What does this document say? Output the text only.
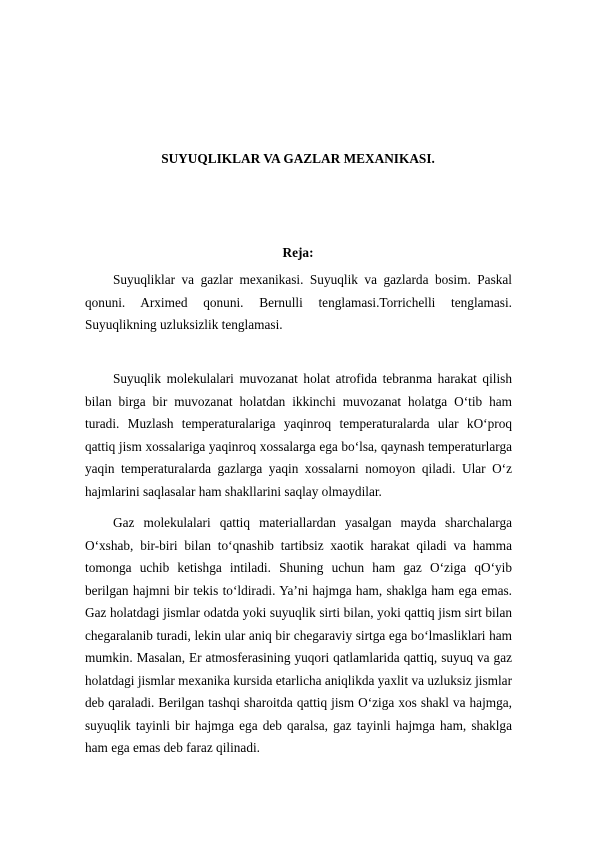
SUYUQLIKLAR VA GAZLAR MEXANIKASI.
Reja:

Suyuqliklar va gazlar mexanikasi. Suyuqlik va gazlarda bosim. Paskal qonuni. Arximed qonuni. Bernulli tenglamasi.Torrichelli tenglamasi. Suyuqlikning uzluksizlik tenglamasi.

Suyuqlik molekulalari muvozanat holat atrofida tebranma harakat qilish bilan birga bir muvozanat holatdan ikkinchi muvozanat holatga O‘tib ham turadi. Muzlash temperaturalariga yaqinroq temperaturalarda ular kO‘proq qattiq jism xossalariga yaqinroq xossalarga ega bo‘lsa, qaynash temperaturlarga yaqin temperaturalarda gazlarga yaqin xossalarni nomoyon qiladi. Ular O‘z hajmlarini saqlasalar ham shakllarini saqlay olmaydilar.

Gaz molekulalari qattiq materiallardan yasalgan mayda sharchalarga O‘xshab, bir-biri bilan to‘qnashib tartibsiz xaotik harakat qiladi va hamma tomonga uchib ketishga intiladi. Shuning uchun ham gaz O‘ziga qO‘yib berilgan hajmni bir tekis to‘ldiradi. Ya’ni hajmga ham, shaklga ham ega emas. Gaz holatdagi jismlar odatda yoki suyuqlik sirti bilan, yoki qattiq jism sirt bilan chegaralanib turadi, lekin ular aniq bir chegaraviy sirtga ega bo‘lmasliklari ham mumkin. Masalan, Er atmosferasining yuqori qatlamlarida qattiq, suyuq va gaz holatdagi jismlar mexanika kursida etarlicha aniqlikda yaxlit va uzluksiz jismlar deb qaraladi. Berilgan tashqi sharoitda qattiq jism O‘ziga xos shakl va hajmga, suyuqlik tayinli bir hajmga ega deb qaralsa, gaz tayinli hajmga ham, shaklga ham ega emas deb faraz qilinadi.
